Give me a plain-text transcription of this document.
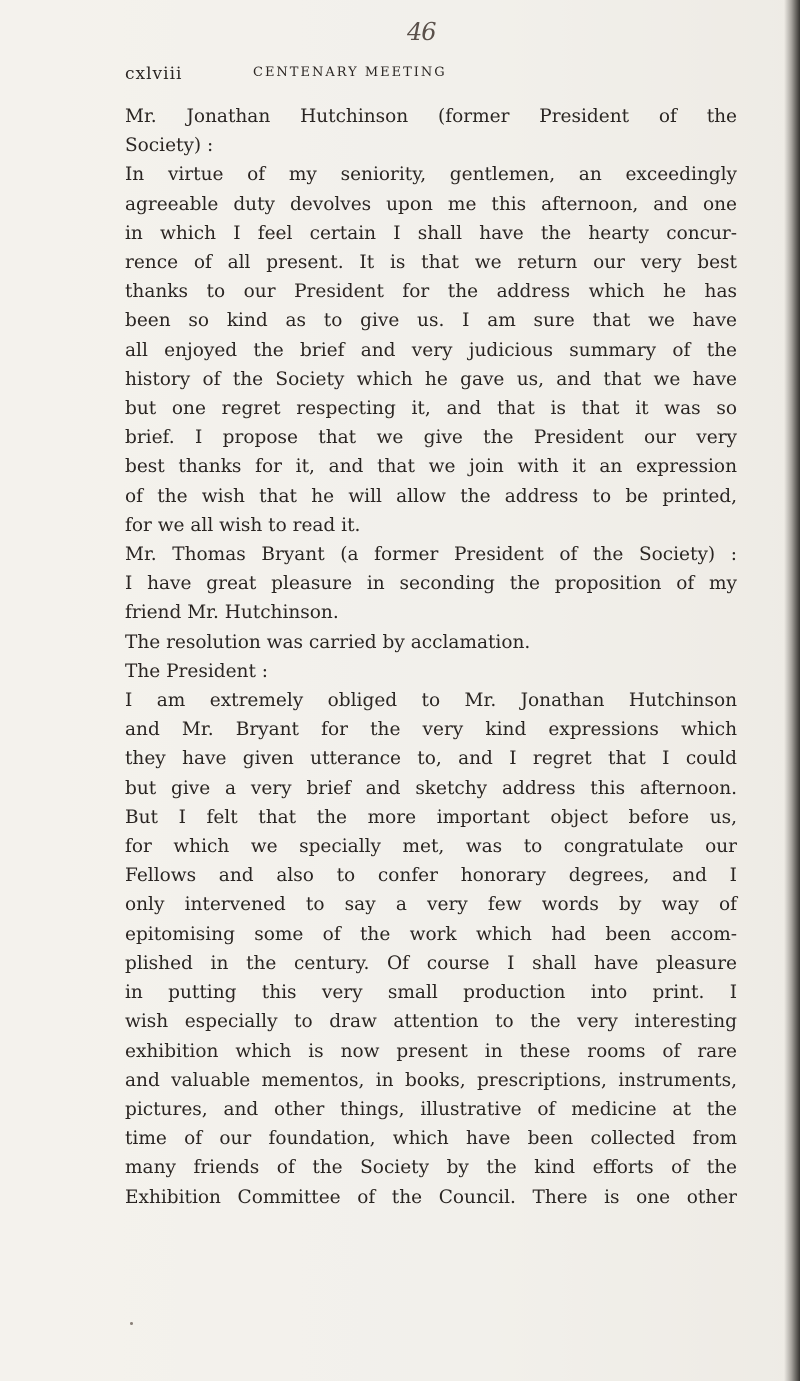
46
cxlviii	CENTENARY MEETING
Mr. Jonathan Hutchinson (former President of the
Society) :
In virtue of my seniority, gentlemen, an exceedingly
agreeable duty devolves upon me this afternoon, and one
in which I feel certain I shall have the hearty concur-
rence of all present. It is that we return our very best
thanks to our President for the address which he has
been so kind as to give us. I am sure that we have
all enjoyed the brief and very judicious summary of the
history of the Society which he gave us, and that we have
but one regret respecting it, and that is that it was so
brief. I propose that we give the President our very
best thanks for it, and that we join with it an expression
of the wish that he will allow the address to be printed,
for we all wish to read it.
Mr. Thomas Bryant (a former President of the Society) :
I have great pleasure in seconding the proposition of my
friend Mr. Hutchinson.
The resolution was carried by acclamation.
The President :
I am extremely obliged to Mr. Jonathan Hutchinson
and Mr. Bryant for the very kind expressions which
they have given utterance to, and I regret that I could
but give a very brief and sketchy address this afternoon.
But I felt that the more important object before us,
for which we specially met, was to congratulate our
Fellows and also to confer honorary degrees, and I
only intervened to say a very few words by way of
epitomising some of the work which had been accom-
plished in the century. Of course I shall have pleasure
in putting this very small production into print. I
wish especially to draw attention to the very interesting
exhibition which is now present in these rooms of rare
and valuable mementos, in books, prescriptions, instruments,
pictures, and other things, illustrative of medicine at the
time of our foundation, which have been collected from
many friends of the Society by the kind efforts of the
Exhibition Committee of the Council. There is one other
